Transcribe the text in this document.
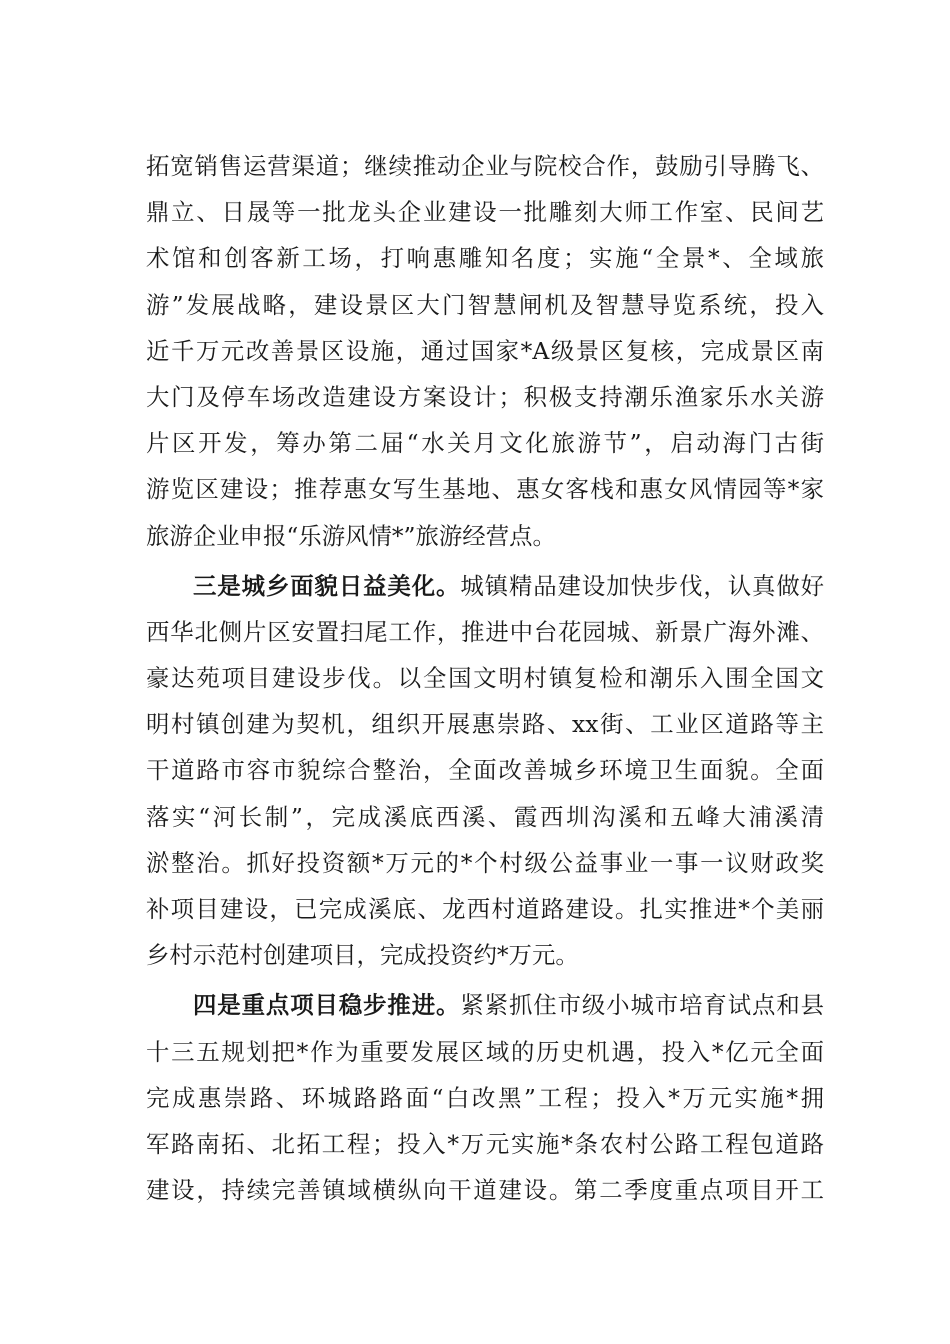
拓宽销售运营渠道；继续推动企业与院校合作，鼓励引导腾飞、
鼎立、日晟等一批龙头企业建设一批雕刻大师工作室、民间艺
术馆和创客新工场，打响惠雕知名度；实施“全景*、全域旅
游”发展战略，建设景区大门智慧闸机及智慧导览系统，投入
近千万元改善景区设施，通过国家*A级景区复核，完成景区南
大门及停车场改造建设方案设计；积极支持潮乐渔家乐水关游
片区开发，筹办第二届“水关月文化旅游节”，启动海门古街
游览区建设；推荐惠女写生基地、惠女客栈和惠女风情园等*家
旅游企业申报“乐游风情*”旅游经营点。
三是城乡面貌日益美化。城镇精品建设加快步伐，认真做好
西华北侧片区安置扫尾工作，推进中台花园城、新景广海外滩、
豪达苑项目建设步伐。以全国文明村镇复检和潮乐入围全国文
明村镇创建为契机，组织开展惠崇路、xx街、工业区道路等主
干道路市容市貌综合整治，全面改善城乡环境卫生面貌。全面
落实“河长制”，完成溪底西溪、霞西圳沟溪和五峰大浦溪清
淤整治。抓好投资额*万元的*个村级公益事业一事一议财政奖
补项目建设，已完成溪底、龙西村道路建设。扎实推进*个美丽
乡村示范村创建项目，完成投资约*万元。
四是重点项目稳步推进。紧紧抓住市级小城市培育试点和县
十三五规划把*作为重要发展区域的历史机遇，投入*亿元全面
完成惠崇路、环城路路面“白改黑”工程；投入*万元实施*拥
军路南拓、北拓工程；投入*万元实施*条农村公路工程包道路
建设，持续完善镇域横纵向干道建设。第二季度重点项目开工
